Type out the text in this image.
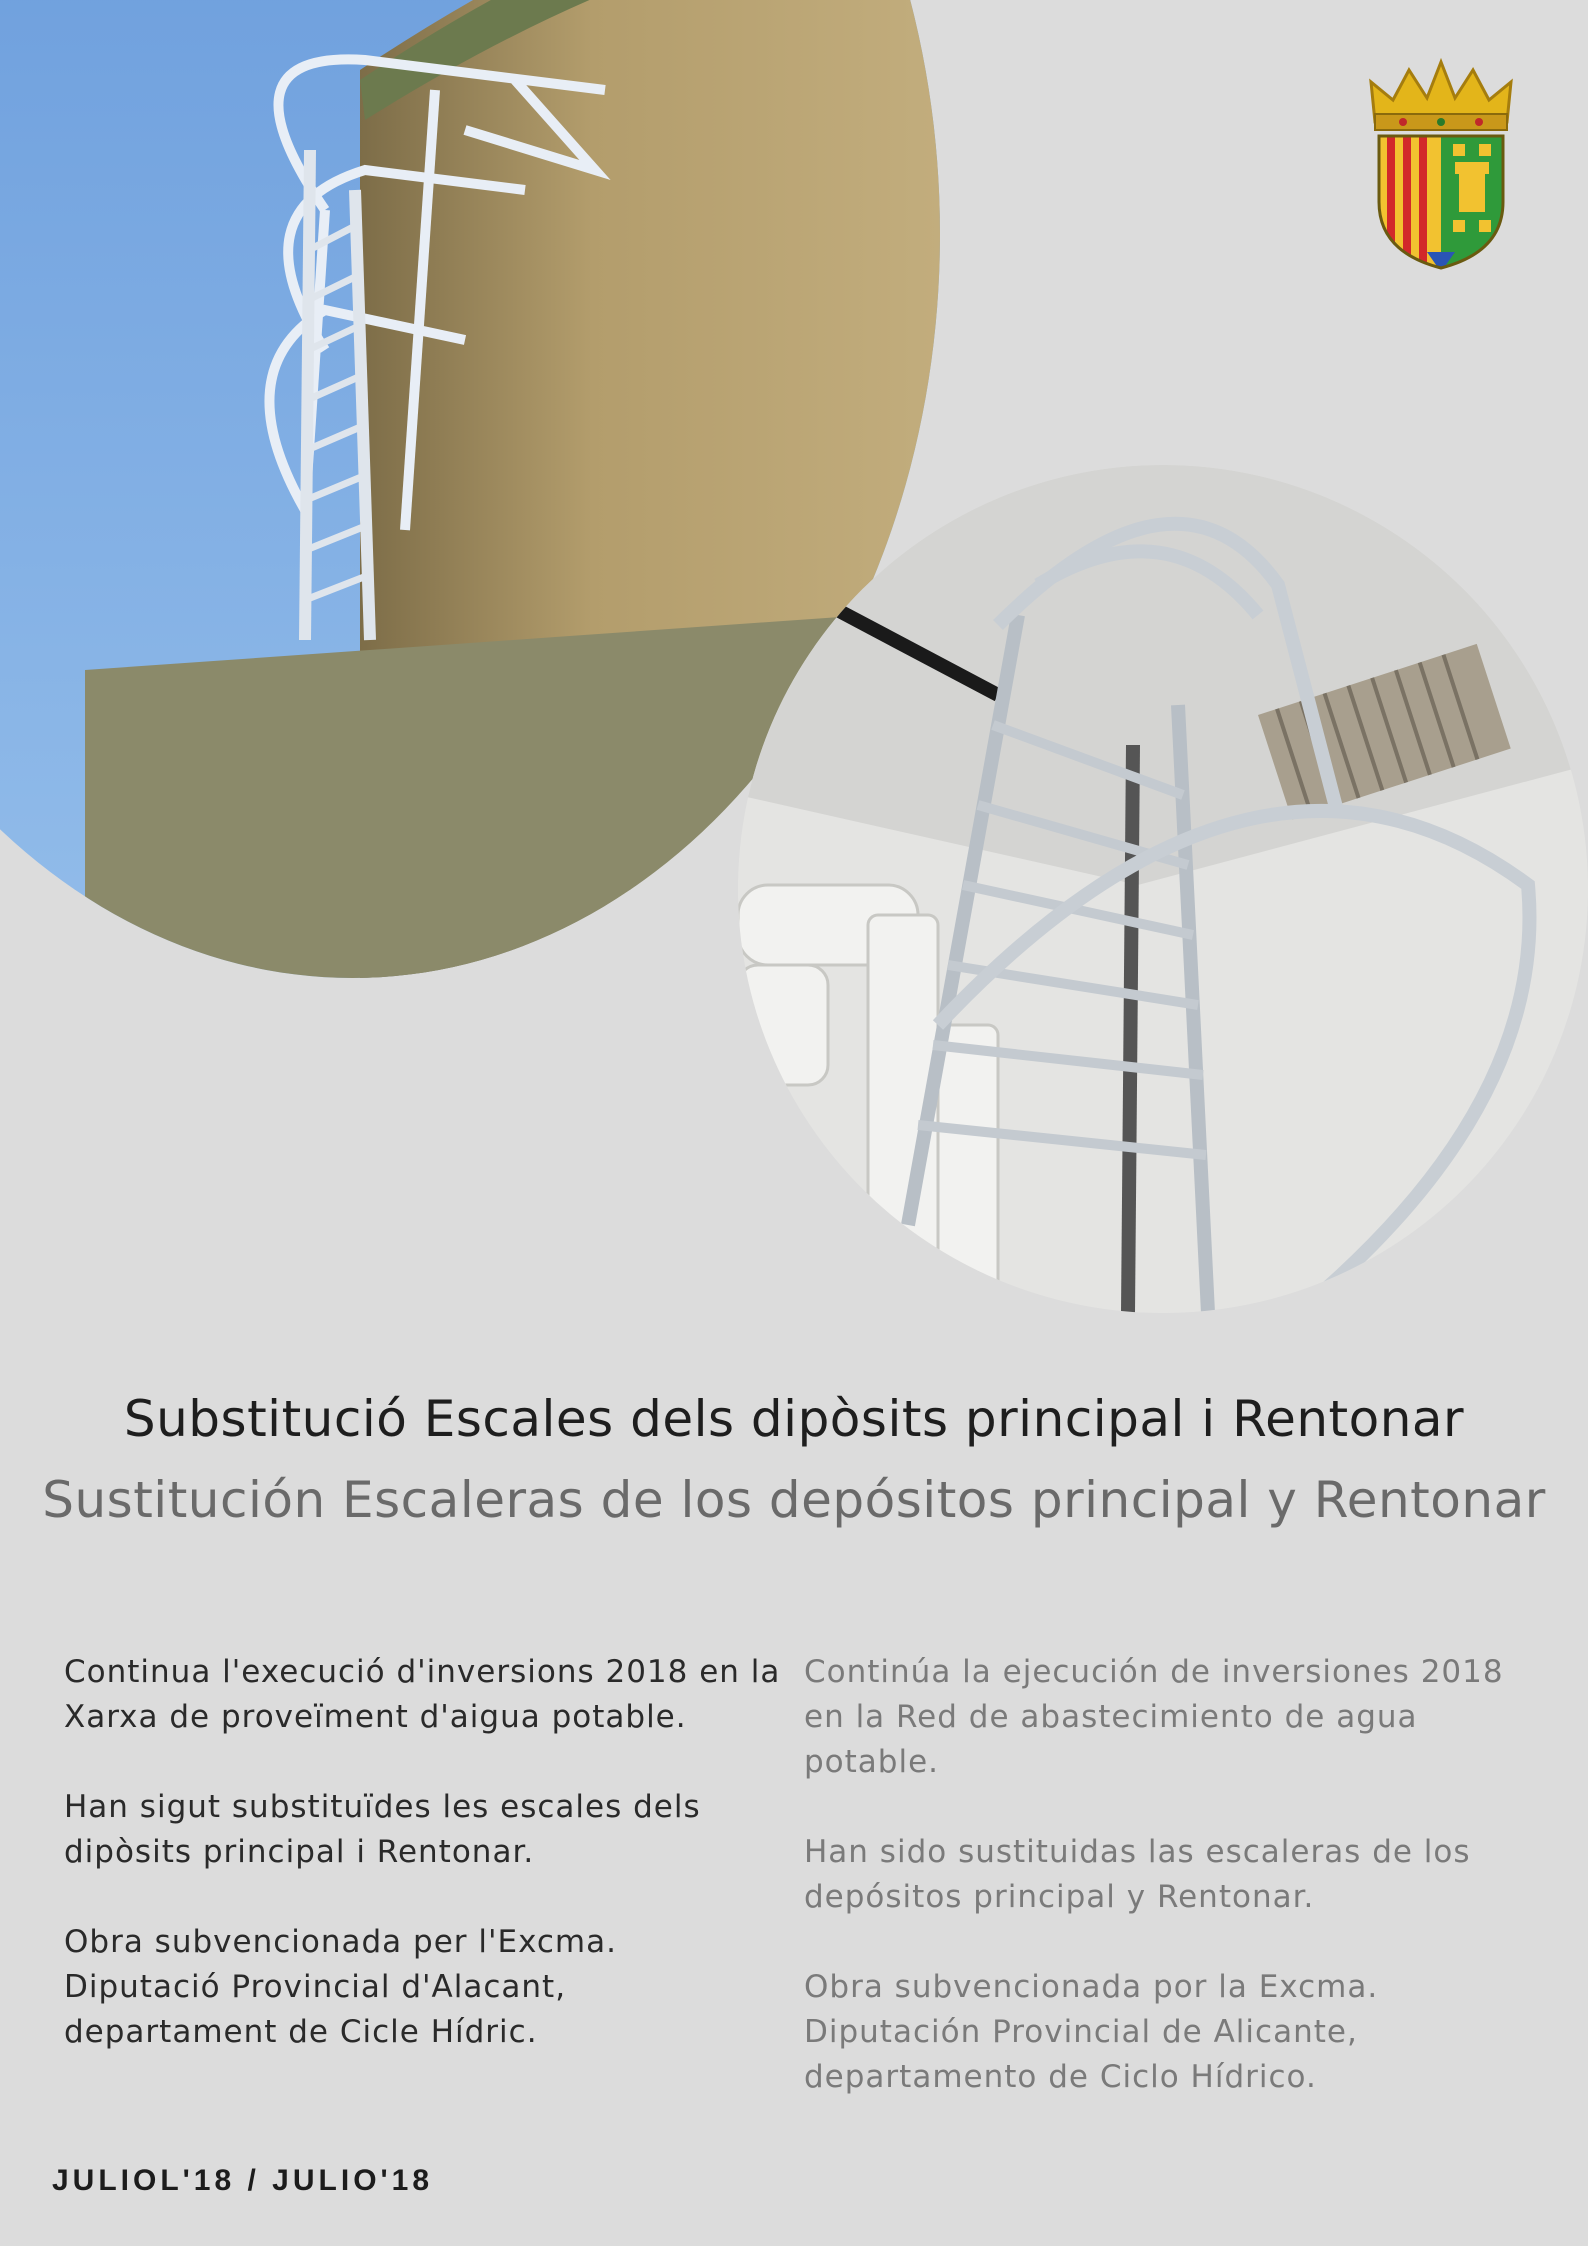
Substitució Escales dels dipòsits principal i Rentonar
Sustitución Escaleras de los depósitos principal y Rentonar

Continua l'execució d'inversions 2018 en la Xarxa de proveïment d'aigua potable.

Han sigut substituïdes les escales dels dipòsits principal i Rentonar.

Obra subvencionada per l'Excma. Diputació Provincial d'Alacant, departament de Cicle Hídric.

Continúa la ejecución de inversiones 2018 en la Red de abastecimiento de agua potable.

Han sido sustituidas las escaleras de los depósitos principal y Rentonar.

Obra subvencionada por la Excma. Diputación Provincial de Alicante, departamento de Ciclo Hídrico.

JULIOL'18 / JULIO'18
